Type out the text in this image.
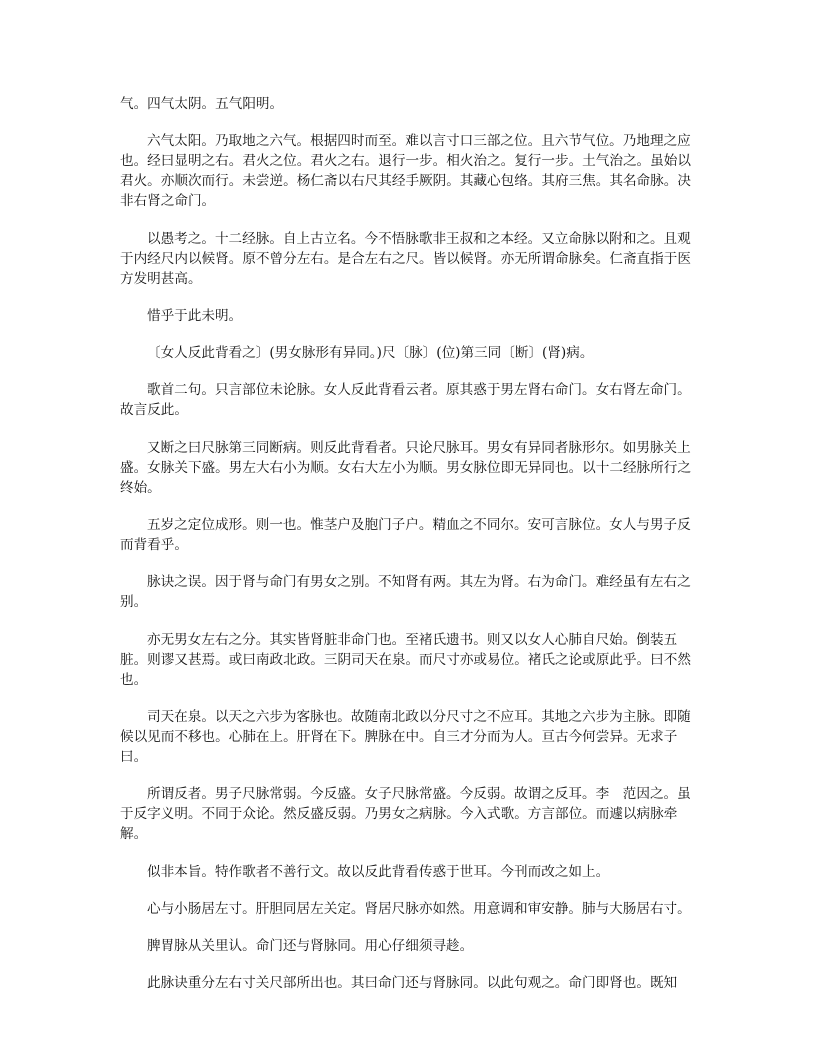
气。四气太阴。五气阳明。

六气太阳。乃取地之六气。根据四时而至。难以言寸口三部之位。且六节气位。乃地理之应也。经曰显明之右。君火之位。君火之右。退行一步。相火治之。复行一步。土气治之。虽始以君火。亦顺次而行。未尝逆。杨仁斋以右尺其经手厥阴。其藏心包络。其府三焦。其名命脉。决非右肾之命门。

以愚考之。十二经脉。自上古立名。今不悟脉歌非王叔和之本经。又立命脉以附和之。且观于内经尺内以候肾。原不曾分左右。是合左右之尺。皆以候肾。亦无所谓命脉矣。仁斋直指于医方发明甚高。

惜乎于此未明。

〔女人反此背看之〕(男女脉形有异同。)尺〔脉〕(位)第三同〔断〕(肾)病。

歌首二句。只言部位未论脉。女人反此背看云者。原其惑于男左肾右命门。女右肾左命门。故言反此。

又断之曰尺脉第三同断病。则反此背看者。只论尺脉耳。男女有异同者脉形尔。如男脉关上盛。女脉关下盛。男左大右小为顺。女右大左小为顺。男女脉位即无异同也。以十二经脉所行之终始。

五岁之定位成形。则一也。惟茎户及胞门子户。精血之不同尔。安可言脉位。女人与男子反而背看乎。

脉诀之误。因于肾与命门有男女之别。不知肾有两。其左为肾。右为命门。难经虽有左右之别。

亦无男女左右之分。其实皆肾脏非命门也。至褚氏遗书。则又以女人心肺自尺始。倒装五脏。则谬又甚焉。或曰南政北政。三阴司天在泉。而尺寸亦或易位。褚氏之论或原此乎。曰不然也。

司天在泉。以天之六步为客脉也。故随南北政以分尺寸之不应耳。其地之六步为主脉。即随候以见而不移也。心肺在上。肝肾在下。脾脉在中。自三才分而为人。亘古今何尝异。无求子曰。

所谓反者。男子尺脉常弱。今反盛。女子尺脉常盛。今反弱。故谓之反耳。李　范因之。虽于反字义明。不同于众论。然反盛反弱。乃男女之病脉。今入式歌。方言部位。而遽以病脉牵解。

似非本旨。特作歌者不善行文。故以反此背看传惑于世耳。今刊而改之如上。

心与小肠居左寸。肝胆同居左关定。肾居尺脉亦如然。用意调和审安静。肺与大肠居右寸。

脾胃脉从关里认。命门还与肾脉同。用心仔细须寻趁。

此脉诀重分左右寸关尺部所出也。其曰命门还与肾脉同。以此句观之。命门即肾也。既知
